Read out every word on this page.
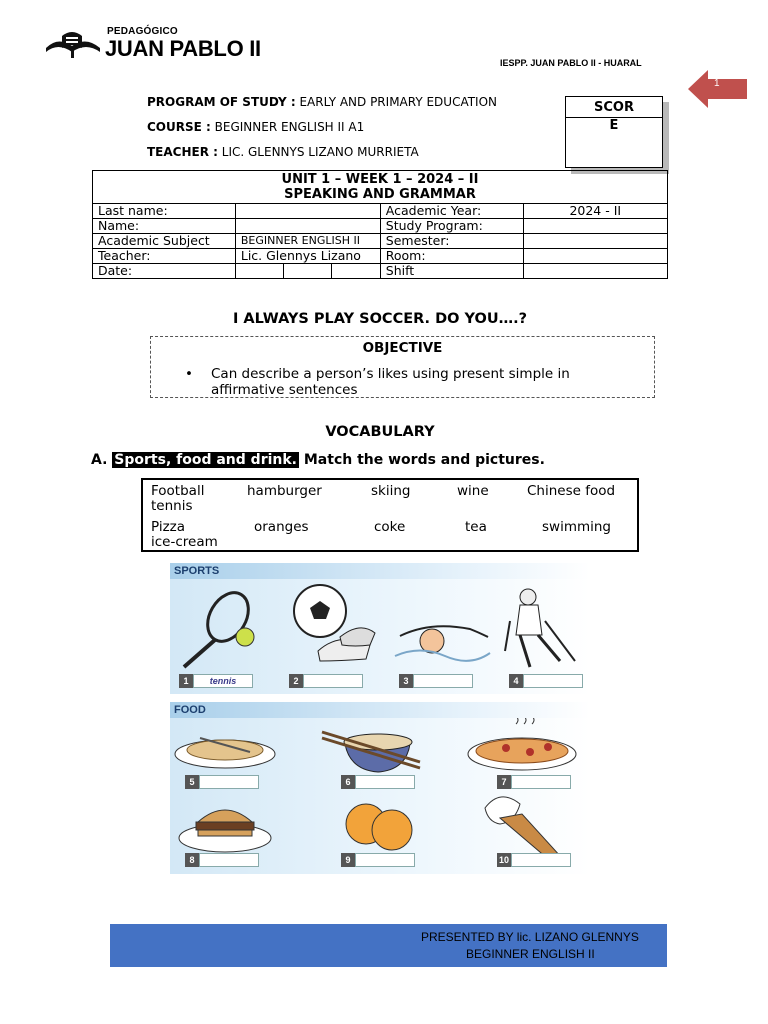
PEDAGÓGICO
JUAN PABLO II
IESPP. JUAN PABLO II - HUARAL
1
PROGRAM OF STUDY : EARLY AND PRIMARY EDUCATION
COURSE : BEGINNER ENGLISH II A1
TEACHER : LIC. GLENNYS LIZANO MURRIETA
SCOR
E
UNIT 1 – WEEK 1 – 2024 – II
SPEAKING AND GRAMMAR			

Last name:		Academic Year:	2024 - II
Name:		Study Program:	
Academic Subject	BEGINNER ENGLISH II	Semester:	
Teacher:	Lic. Glennys Lizano	Room:	
Date:		Shift	
I ALWAYS PLAY SOCCER. DO YOU….?
OBJECTIVE
• Can describe a person’s likes using present simple in affirmative sentences
VOCABULARY
A. Sports, food and drink. Match the words and pictures.
Football	hamburger	skiing	wine	Chinese food
tennis
Pizza	oranges	coke	tea	swimming
ice-cream
SPORTS
1	tennis	2	3	4
FOOD
5	6	7
8	9	10
PRESENTED BY lic. LIZANO GLENNYS
BEGINNER ENGLISH II
